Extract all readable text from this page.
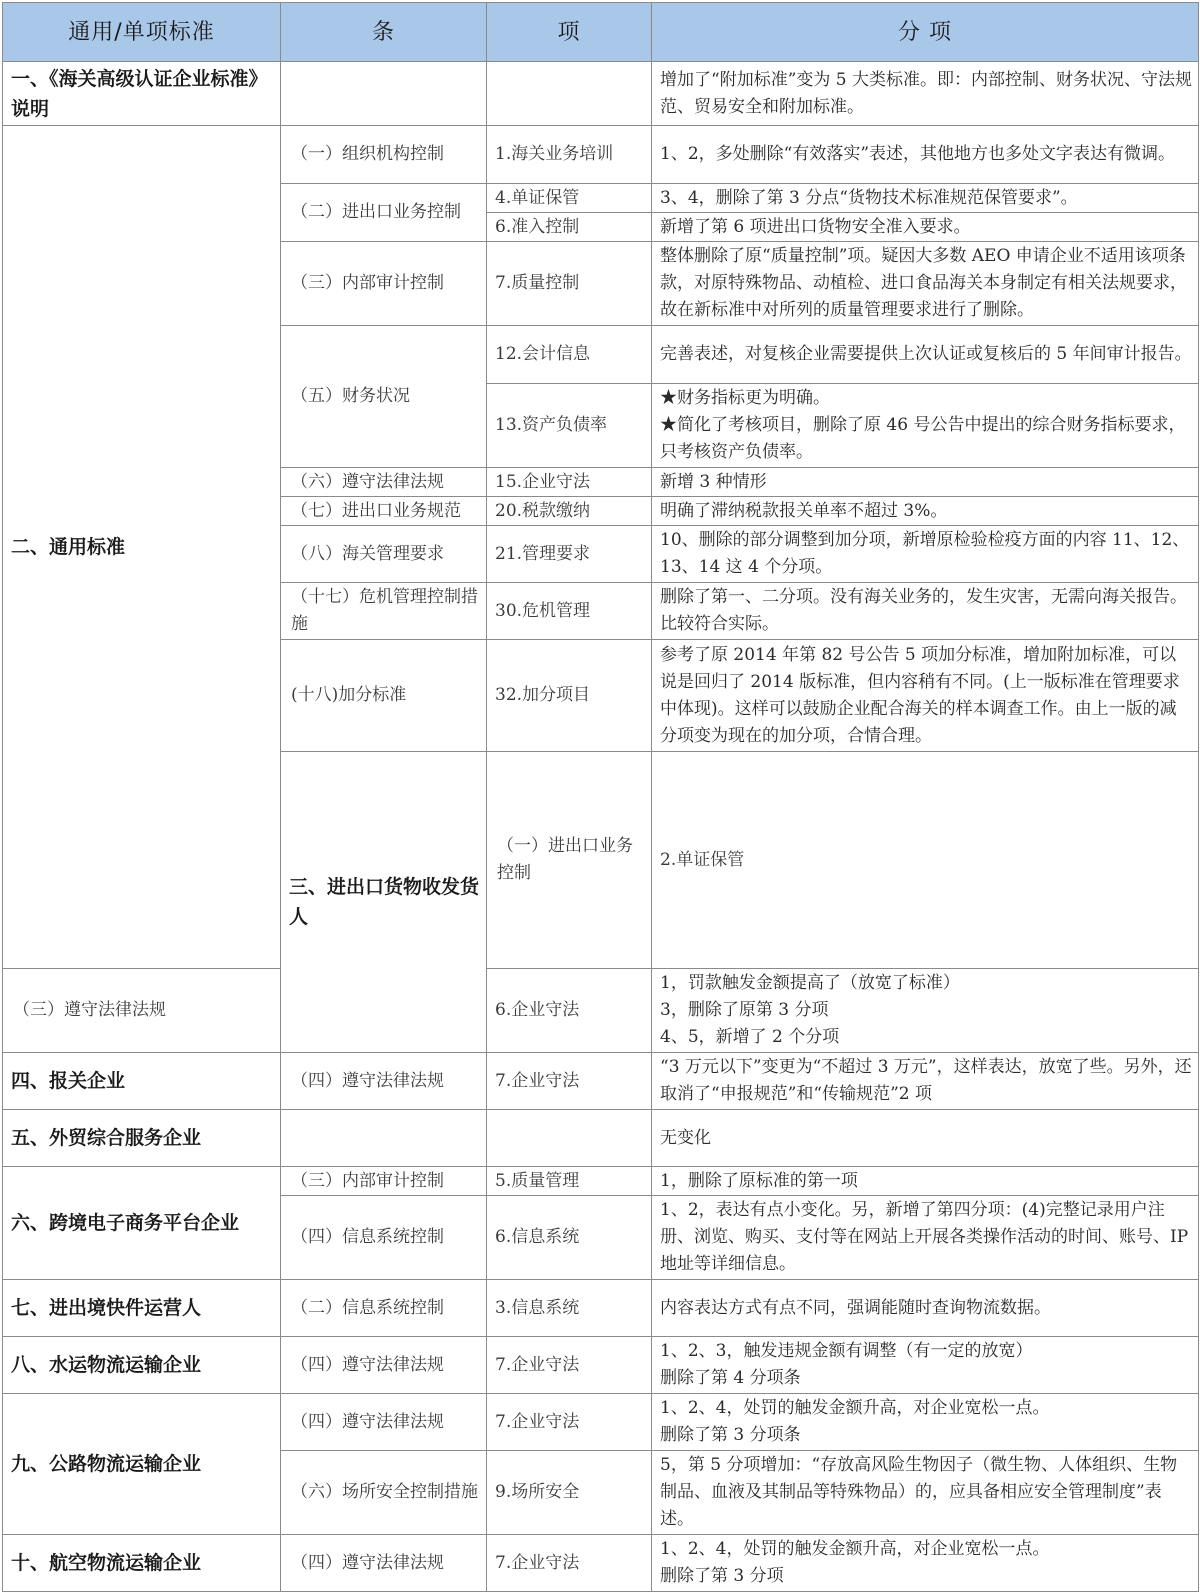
通用/单项标准	条	项	分 项	
一、《海关高级认证企业标准》说明			增加了“附加标准”变为 5 大类标准。即：内部控制、财务状况、守法规范、贸易安全和附加标准。	

二、通用标准	（一）组织机构控制	1.海关业务培训	1、2，多处删除“有效落实”表述，其他地方也多处文字表达有微调。	

	（二）进出口业务控制	4.单证保管	3、4，删除了第 3 分点“货物技术标准规范保管要求”。	

		6.准入控制	新增了第 6 项进出口货物安全准入要求。	

	（三）内部审计控制	7.质量控制	整体删除了原“质量控制”项。疑因大多数 AEO 申请企业不适用该项条款，对原特殊物品、动植检、进口食品海关本身制定有相关法规要求，故在新标准中对所列的质量管理要求进行了删除。	

	（五）财务状况	12.会计信息	完善表述，对复核企业需要提供上次认证或复核后的 5 年间审计报告。	

		13.资产负债率	★财务指标更为明确。
★简化了考核项目，删除了原 46 号公告中提出的综合财务指标要求，只考核资产负债率。	

	（六）遵守法律法规	15.企业守法	新增 3 种情形	

	（七）进出口业务规范	20.税款缴纳	明确了滞纳税款报关单率不超过 3%。	

	（八）海关管理要求	21.管理要求	10、删除的部分调整到加分项，新增原检验检疫方面的内容 11、12、13、14 这 4 个分项。	

	（十七）危机管理控制措施	30.危机管理	删除了第一、二分项。没有海关业务的，发生灾害，无需向海关报告。比较符合实际。	

	(十八)加分标准	32.加分项目	参考了原 2014 年第 82 号公告 5 项加分标准，增加附加标准，可以说是回归了 2014 版标准，但内容稍有不同。(上一版标准在管理要求中体现)。这样可以鼓励企业配合海关的样本调查工作。由上一版的减分项变为现在的加分项，合情合理。	

	三、进出口货物收发货人	（一）进出口业务控制	2.单证保管	

（三）遵守法律法规		6.企业守法	1，罚款触发金额提高了（放宽了标准）
3，删除了原第 3 分项
4、5，新增了 2 个分项	

四、报关企业	（四）遵守法律法规	7.企业守法	“3 万元以下”变更为“不超过 3 万元”，这样表达，放宽了些。另外，还取消了“申报规范”和“传输规范”2 项	

五、外贸综合服务企业			无变化	

六、跨境电子商务平台企业	（三）内部审计控制	5.质量管理	1，删除了原标准的第一项	

	（四）信息系统控制	6.信息系统	1、2，表达有点小变化。另，新增了第四分项：(4)完整记录用户注册、浏览、购买、支付等在网站上开展各类操作活动的时间、账号、IP 地址等详细信息。	

七、进出境快件运营人	（二）信息系统控制	3.信息系统	内容表达方式有点不同，强调能随时查询物流数据。	

八、水运物流运输企业	（四）遵守法律法规	7.企业守法	1、2、3，触发违规金额有调整（有一定的放宽）
删除了第 4 分项条	

九、公路物流运输企业	（四）遵守法律法规	7.企业守法	1、2、4，处罚的触发金额升高，对企业宽松一点。
删除了第 3 分项条	

	（六）场所安全控制措施	9.场所安全	5，第 5 分项增加：“存放高风险生物因子（微生物、人体组织、生物制品、血液及其制品等特殊物品）的，应具备相应安全管理制度”表述。	

十、航空物流运输企业	（四）遵守法律法规	7.企业守法	1、2、4，处罚的触发金额升高，对企业宽松一点。
删除了第 3 分项	
